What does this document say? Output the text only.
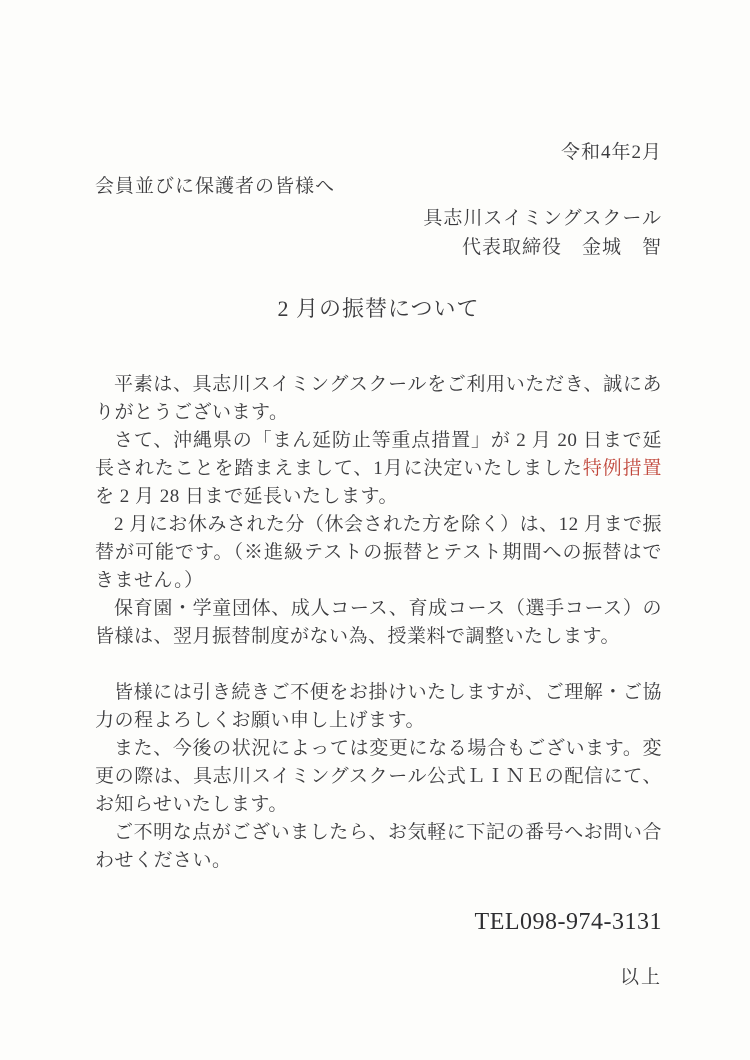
令和4年2月
会員並びに保護者の皆様へ
具志川スイミングスクール
代表取締役　金城　智
2 月の振替について

平素は、具志川スイミングスクールをご利用いただき、誠にありがとうございます。

さて、沖縄県の「まん延防止等重点措置」が 2 月 20 日まで延長されたことを踏まえまして、1月に決定いたしました特例措置を 2 月 28 日まで延長いたします。

2 月にお休みされた分（休会された方を除く）は、12 月まで振替が可能です。（※進級テストの振替とテスト期間への振替はできません。）

保育園・学童団体、成人コース、育成コース（選手コース）の皆様は、翌月振替制度がない為、授業料で調整いたします。

皆様には引き続きご不便をお掛けいたしますが、ご理解・ご協力の程よろしくお願い申し上げます。

また、今後の状況によっては変更になる場合もございます。変更の際は、具志川スイミングスクール公式ＬＩＮＥの配信にて、お知らせいたします。

ご不明な点がございましたら、お気軽に下記の番号へお問い合わせください。

TEL098-974-3131
以上
